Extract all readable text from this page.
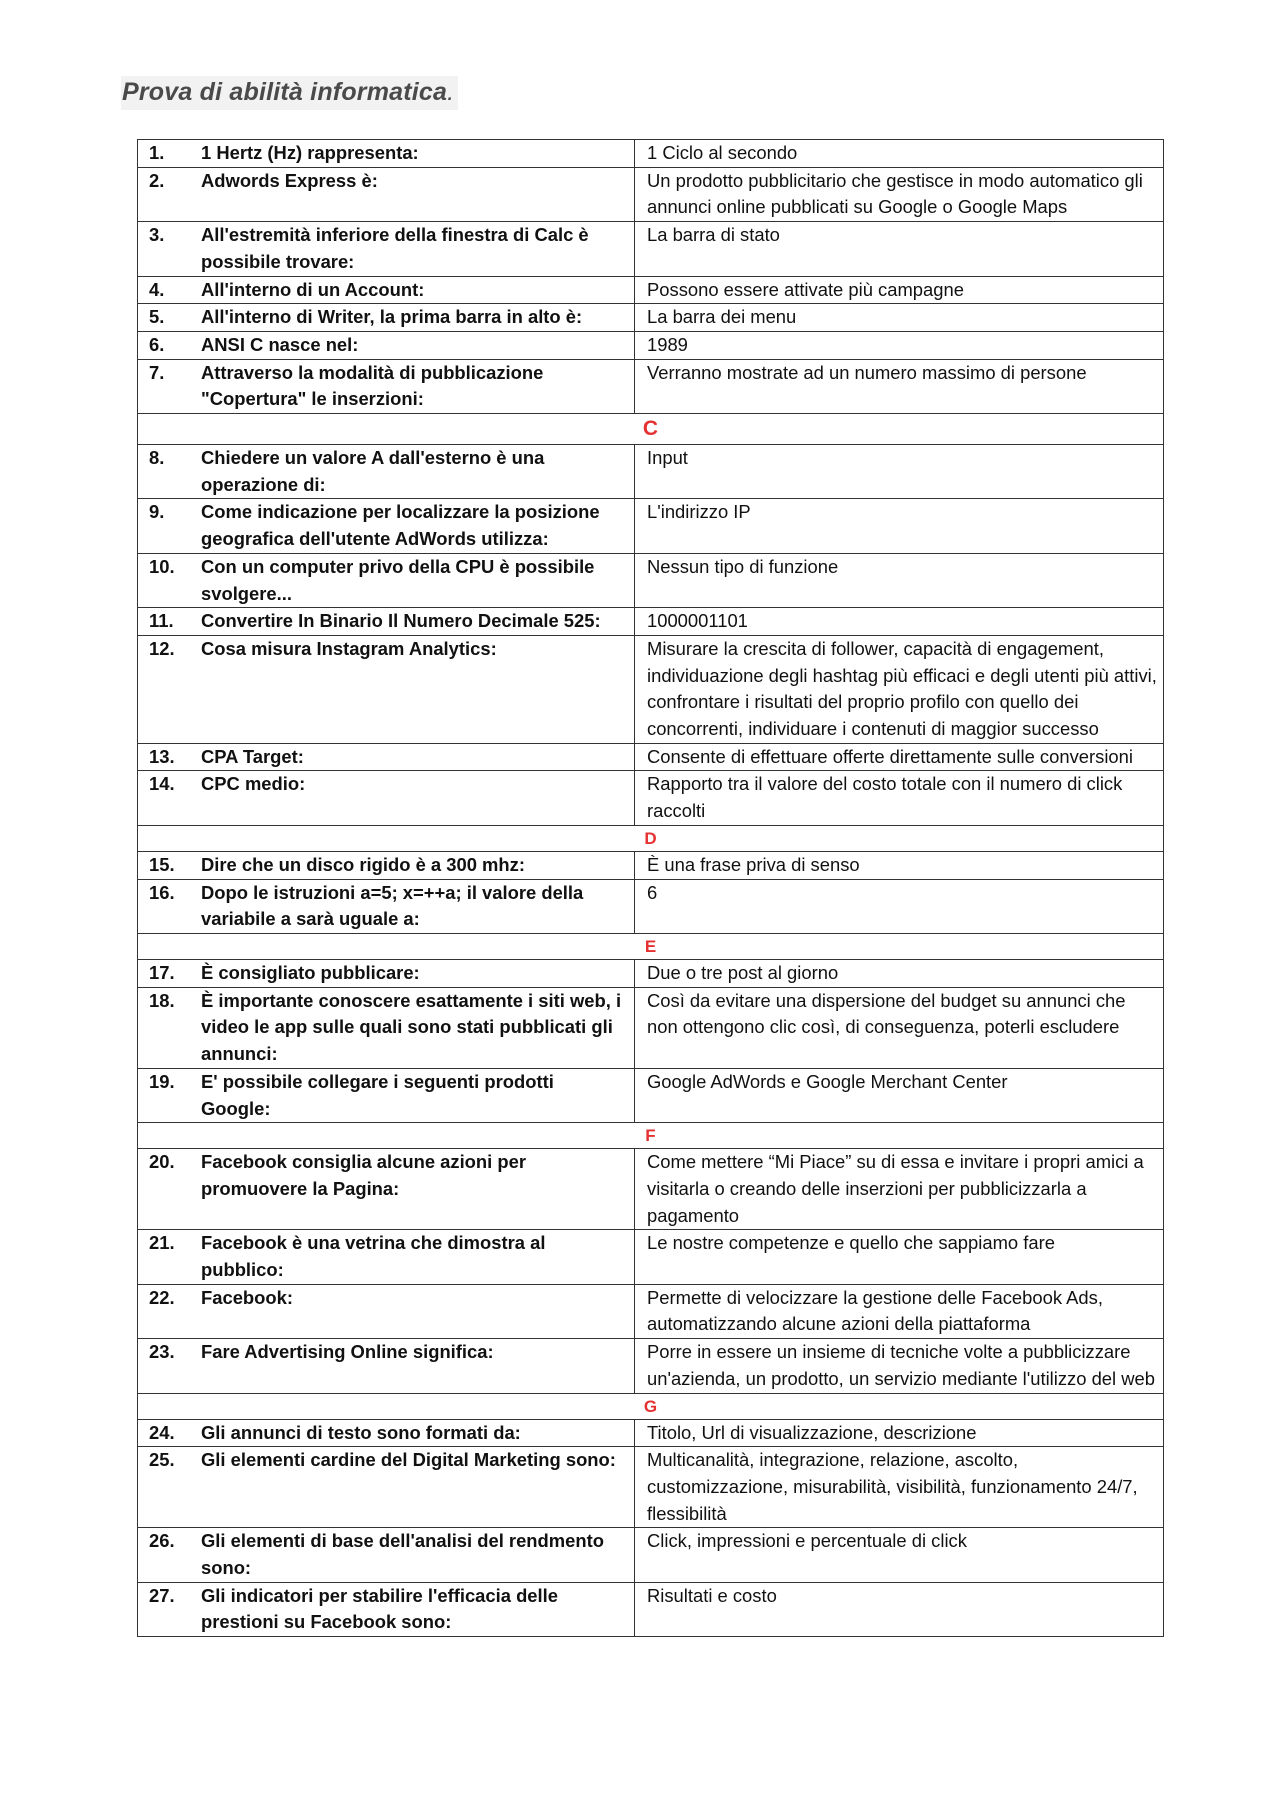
Prova di abilità informatica.
1.	1 Hertz (Hz) rappresenta:	1 Ciclo al secondo
2.	Adwords Express è:	Un prodotto pubblicitario che gestisce in modo automatico gli annunci online pubblicati su Google o Google Maps
3.	All'estremità inferiore della finestra di Calc è possibile trovare:	La barra di stato
4.	All'interno di un Account:	Possono essere attivate più campagne
5.	All'interno di Writer, la prima barra in alto è:	La barra dei menu
6.	ANSI C nasce nel:	1989
7.	Attraverso la modalità di pubblicazione "Copertura" le inserzioni:	Verranno mostrate ad un numero massimo di persone
C		
8.	Chiedere un valore A dall'esterno è una operazione di:	Input
9.	Come indicazione per localizzare la posizione geografica dell'utente AdWords utilizza:	L'indirizzo IP
10.	Con un computer privo della CPU è possibile svolgere...	Nessun tipo di funzione
11.	Convertire In Binario Il Numero Decimale 525:	1000001101
12.	Cosa misura Instagram Analytics:	Misurare la crescita di follower, capacità di engagement, individuazione degli hashtag più efficaci e degli utenti più attivi, confrontare i risultati del proprio profilo con quello dei concorrenti, individuare i contenuti di maggior successo
13.	CPA Target:	Consente di effettuare offerte direttamente sulle conversioni
14.	CPC medio:	Rapporto tra il valore del costo totale con il numero di click raccolti
D		
15.	Dire che un disco rigido è a 300 mhz:	È una frase priva di senso
16.	Dopo le istruzioni a=5; x=++a; il valore della variabile a sarà uguale a:	6
E		
17.	È consigliato pubblicare:	Due o tre post al giorno
18.	È importante conoscere esattamente i siti web, i video le app sulle quali sono stati pubblicati gli annunci:	Così da evitare una dispersione del budget su annunci che non ottengono clic così, di conseguenza, poterli escludere
19.	E' possibile collegare i seguenti prodotti Google:	Google AdWords e Google Merchant Center
F		
20.	Facebook consiglia alcune azioni per promuovere la Pagina:	Come mettere “Mi Piace” su di essa e invitare i propri amici a visitarla o creando delle inserzioni per pubblicizzarla a pagamento
21.	Facebook è una vetrina che dimostra al pubblico:	Le nostre competenze e quello che sappiamo fare
22.	Facebook:	Permette di velocizzare la gestione delle Facebook Ads, automatizzando alcune azioni della piattaforma
23.	Fare Advertising Online significa:	Porre in essere un insieme di tecniche volte a pubblicizzare un'azienda, un prodotto, un servizio mediante l'utilizzo del web
G		
24.	Gli annunci di testo sono formati da:	Titolo, Url di visualizzazione, descrizione
25.	Gli elementi cardine del Digital Marketing sono:	Multicanalità, integrazione, relazione, ascolto, customizzazione, misurabilità, visibilità, funzionamento 24/7, flessibilità
26.	Gli elementi di base dell'analisi del rendmento sono:	Click, impressioni e percentuale di click
27.	Gli indicatori per stabilire l'efficacia delle prestioni su Facebook sono:	Risultati e costo
